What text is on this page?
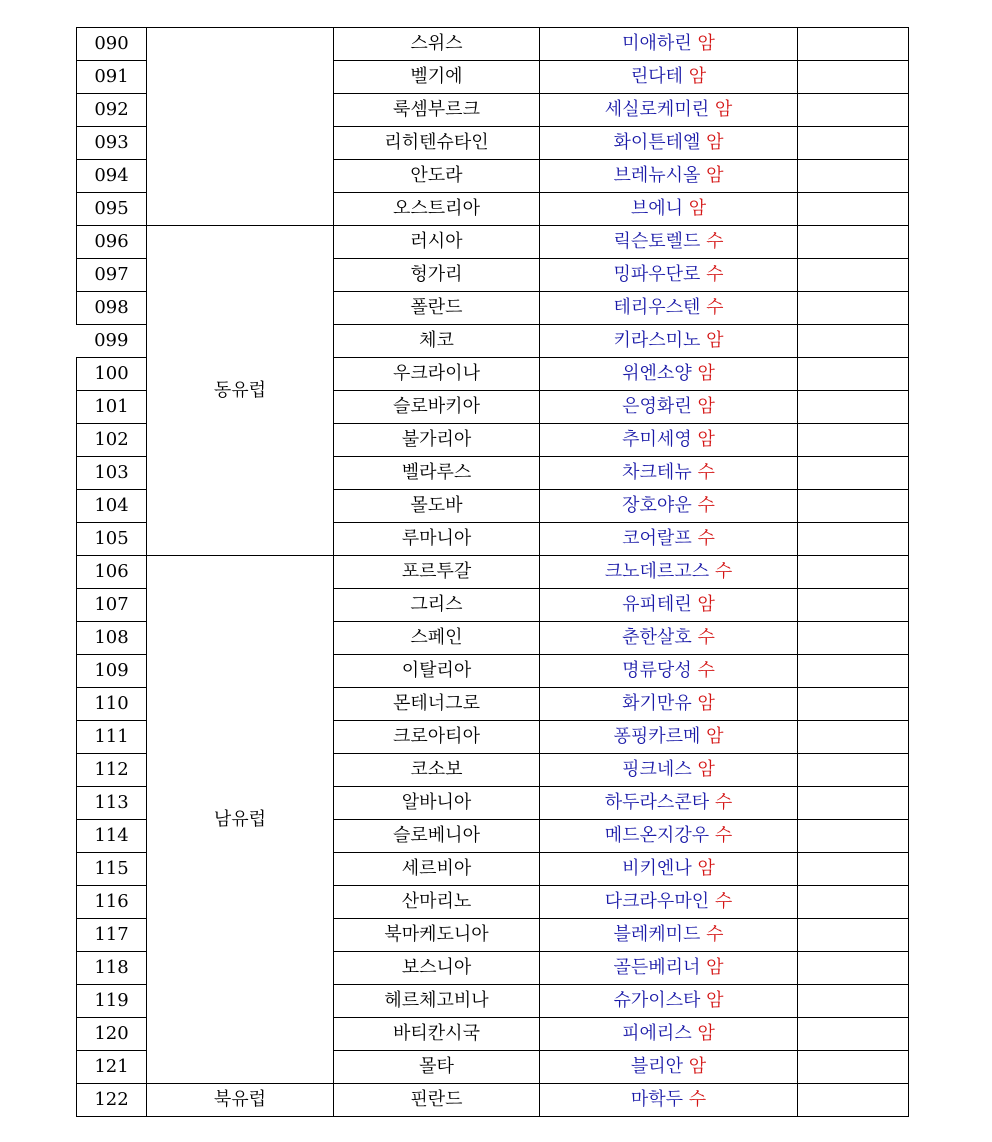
090		스위스	미애하린 암	
091		벨기에	린다테 암	
092		룩셈부르크	세실로케미린 암	
093		리히텐슈타인	화이튼테엘 암	
094		안도라	브레뉴시올 암	
095		오스트리아	브에니 암	
096	동유럽	러시아	릭슨토렐드 수	
097		헝가리	밍파우단로 수	
098		폴란드	테리우스텐 수	
099		체코	키라스미노 암	
100		우크라이나	위엔소양 암	
101		슬로바키아	은영화린 암	
102		불가리아	추미세영 암	
103		벨라루스	차크테뉴 수	
104		몰도바	장호야운 수	
105		루마니아	코어랄프 수	
106	남유럽	포르투갈	크노데르고스 수	
107		그리스	유피테린 암	
108		스페인	춘한살호 수	
109		이탈리아	명류당성 수	
110		몬테너그로	화기만유 암	
111		크로아티아	퐁핑카르메 암	
112		코소보	핑크네스 암	
113		알바니아	하두라스콘타 수	
114		슬로베니아	메드온지강우 수	
115		세르비아	비키엔나 암	
116		산마리노	다크라우마인 수	
117		북마케도니아	블레케미드 수	
118		보스니아	골든베리너 암	
119		헤르체고비나	슈가이스타 암	
120		바티칸시국	피에리스 암	
121		몰타	블리안 암	
122	북유럽	핀란드	마학두 수	
